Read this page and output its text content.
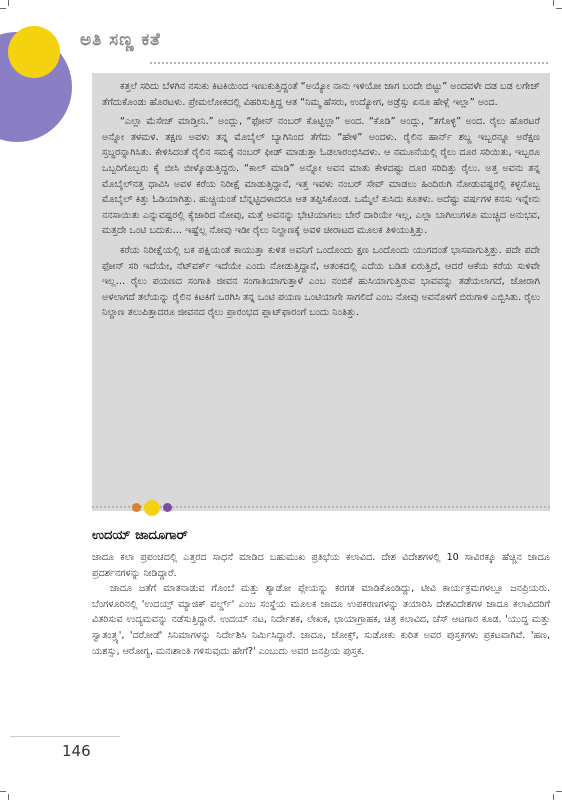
ಅತಿ ಸಣ್ಣ ಕತೆ

ಕತ್ತಲೆ ಸರಿದು ಬೆಳಗಿನ ನಸುಕು ಕಿಟಕಿಯಿಂದ ಇಣುಕುತ್ತಿದ್ದಂತೆ “ಅಯ್ಯೋ ನಾನು ಇಳಿಯೋ ಜಾಗ ಬಂದೇ ಬಿಟ್ಟು” ಅಂದವಳೇ ದಡ ಬಡ ಲಗೇಜ್ ತೆಗೆದುಕೊಂಡು ಹೊರಟಳು. ಪ್ರೇಮಲೋಕದಲ್ಲಿ ವಿಹರಿಸುತ್ತಿದ್ದ ಆತ “ನಿಮ್ಮ ಹೆಸರು, ಉದ್ಯೋಗ, ಅಡ್ರೆಸ್ಸು ಏನೂ ಹೇಳ್ಲೆ ಇಲ್ಲಾ” ಅಂದ.

“ಎಲ್ಲಾ ಮೆಸೇಜ್ ಮಾಡ್ತೀನಿ.” ಅಂದ್ಲು, “ಫೋನ್ ನಂಬರ್ ಕೊಟ್ಟಿಲ್ಲಾ” ಅಂದ. “ಕೊಡಿ” ಅಂದ್ಲು, “ತಗೊಳ್ಳಿ” ಅಂದ. ರೈಲು ಹೊರಟರೆ ಅನ್ನೋ ತಳಮಳ. ತಕ್ಷಣ ಅವಳು ತನ್ನ ಮೊಬೈಲ್ ಬ್ಯಾಗಿನಿಂದ ತೆಗೆದು “ಹೇಳಿ” ಅಂದಳು. ರೈಲಿನ ಹಾರ್ನ್ ಶಬ್ದ ಇಬ್ಬರನ್ನೂ ಅರೆಕ್ಷಣ ಸ್ತಬ್ಧರನ್ನಾಗಿಸಿತು. ಕೇಳಿಸಿದಂತೆ ರೈಲಿನ ಸಮಕ್ಕೆ ನಂಬರ್ ಫೀಡ್ ಮಾಡುತ್ತಾ ಓಡಲಾರಂಭಿಸಿದಳು. ಆ ನಮೂನೆಯಲ್ಲಿ ರೈಲು ದೂರ ಸರಿಯಿತು, ಇಬ್ಬರೂ ಒಬ್ಬರಿಗೊಬ್ಬರು ಕೈ ಬೀಸಿ ಬೀಳ್ಕೊಡುತ್ತಿದ್ದರು. “ಕಾಲ್ ಮಾಡಿ” ಅನ್ನೋ ಅವನ ಮಾತು ಕೇಳದಷ್ಟು ದೂರ ಸರಿದಿತ್ತು ರೈಲು. ಅತ್ತ ಅವನು ತನ್ನ ಮೊಬೈಲ್‌ನತ್ತ ಧಾವಿಸಿ ಅವಳ ಕರೆಯ ನಿರೀಕ್ಷೆ ಮಾಡುತ್ತಿದ್ದಾನೆ, ಇತ್ತ ಇವಳು ನಂಬರ್ ಸೇವ್ ಮಾಡಲು ಹಿಂದಿರುಗಿ ನೋಡುವಷ್ಟರಲ್ಲಿ ಕಳ್ಳನೊಬ್ಬ ಮೊಬೈಲ್ ಕಿತ್ತು ಓಡಿಯಾಗಿತ್ತು. ಹುಚ್ಚಿಯಂತೆ ಬೆನ್ನಟ್ಟಿದಳಾದರೂ ಆತ ತಪ್ಪಿಸಿಕೊಂಡ. ಒಮ್ಮೆಲೆ ಕುಸಿದು ಕೂತಳು. ಅದೆಷ್ಟು ವರ್ಷಗಳ ಕನಸು ಇನ್ನೇನು ನನಸಾಯಿತು ಎನ್ನುವಷ್ಟರಲ್ಲಿ ಕೈಜಾರಿದ ನೋವು, ಮತ್ತೆ ಅವನನ್ನು ಭೇಟಿಯಾಗಲು ಬೇರೆ ದಾರಿಯೇ ಇಲ್ಲ, ಎಲ್ಲಾ ಬಾಗಿಲುಗಳೂ ಮುಚ್ಚಿದ ಅನುಭವ, ಮತ್ತದೇ ಒಂಟಿ ಬದುಕು… ಇಷ್ಟೆಲ್ಲ ನೋವು ಇಡೀ ರೈಲು ನಿಲ್ದಾಣಕ್ಕೆ ಅವಳ ಚೀರಾಟದ ಮೂಲಕ ತಿಳಿಯುತ್ತಿತ್ತು.

ಕರೆಯ ನಿರೀಕ್ಷೆಯಲ್ಲಿ ಬಕ ಪಕ್ಷಿಯಂತೆ ಕಾಯುತ್ತಾ ಕುಳಿತ ಅವನಿಗೆ ಒಂದೊಂದು ಕ್ಷಣ ಒಂದೊಂದು ಯುಗದಂತೆ ಭಾಸವಾಗುತ್ತಿತ್ತು. ಪದೇ ಪದೇ ಫೋನ್ ಸರಿ ಇದೆಯೇ, ನೆಟ್‌ವರ್ಕ್ ಇದೆಯೇ ಎಂದು ನೋಡುತ್ತಿದ್ದಾನೆ, ಆತಂಕದಲ್ಲಿ ಎದೆಯ ಬಡಿತ ಏರುತ್ತಿದೆ, ಆದರೆ ಆಕೆಯ ಕರೆಯ ಸುಳಿವೇ ಇಲ್ಲ… ರೈಲು ಪಯಣದ ಸಂಗಾತಿ ಜೀವನ ಸಂಗಾತಿಯಾಗುತ್ತಾಳೆ ಎಂಬ ನಂಬಿಕೆ ಹುಸಿಯಾಗುತ್ತಿರುವ ಭಾವವನ್ನು ತಡೆಯಲಾಗದೆ, ಜೋರಾಗಿ ಅಳಲಾಗದೆ ತಲೆಯನ್ನು ರೈಲಿನ ಕಿಟಕಿಗೆ ಒರಗಿಸಿ ತನ್ನ ಒಂಟಿ ಪಯಣ ಒಂಟಿಯಾಗೇ ಸಾಗಲಿದೆ ಎಂಬ ನೋವು ಅವನೊಳಗೆ ಬಿರುಗಾಳಿ ಎಬ್ಬಿಸಿತು. ರೈಲು ನಿಲ್ದಾಣ ತಲುಪಿತ್ತಾದರೂ ಜೀವನದ ರೈಲು ಪ್ರಾರಂಭದ ಪ್ಲಾಟ್‌ಫಾರಂಗೆ ಬಂದು ನಿಂತಿತ್ತು.

ಉದಯ್ ಜಾದೂಗಾರ್

ಜಾದೂ ಕಲಾ ಪ್ರಪಂಚದಲ್ಲಿ ಎತ್ತರದ ಸಾಧನೆ ಮಾಡಿದ ಬಹುಮುಖ ಪ್ರತಿಭೆಯ ಕಲಾವಿದ. ದೇಶ ವಿದೇಶಗಳಲ್ಲಿ 10 ಸಾವಿರಕ್ಕೂ ಹೆಚ್ಚಿನ ಜಾದೂ ಪ್ರದರ್ಶನಗಳನ್ನು ನೀಡಿದ್ದಾರೆ.

ಜಾದೂ ಜತೆಗೆ ಮಾತನಾಡುವ ಗೊಂಬೆ ಮತ್ತು ಶ್ಯಾಡೋ ಪ್ಲೇಯನ್ನು ಕರಗತ ಮಾಡಿಕೊಂಡಿದ್ದು, ಟೀವಿ ಕಾರ್ಯಕ್ರಮಗಳಲ್ಲೂ ಜನಪ್ರಿಯರು. ಬೆಂಗಳೂರಿನಲ್ಲಿ 'ಉದಯ್ಸ್ ಮ್ಯಾಜಿಕ್ ವರ್ಲ್ಡ್' ಎಂಬ ಸಂಸ್ಥೆಯ ಮೂಲಕ ಜಾದೂ ಉಪಕರಣಗಳನ್ನು ತಯಾರಿಸಿ ದೇಶವಿದೇಶಗಳ ಜಾದೂ ಕಲಾವಿದರಿಗೆ ವಿತರಿಸುವ ಉದ್ಯಮವನ್ನು ನಡೆಸುತ್ತಿದ್ದಾರೆ. ಉದಯ್ ನಟ, ನಿರ್ದೇಶಕ, ಲೇಖಕ, ಛಾಯಾಗ್ರಾಹಕ, ಚಿತ್ರ ಕಲಾವಿದ, ಚೆಸ್ ಆಟಗಾರ ಕೂಡ. 'ಯುದ್ಧ ಮತ್ತು ಸ್ವಾತಂತ್ರ್ಯ', 'ದರೋಡೆ' ಸಿನಿಮಾಗಳನ್ನು ನಿರ್ದೇಶಿಸಿ ನಿರ್ಮಿಸಿದ್ದಾರೆ. ಜಾದೂ, ಜೋಕ್ಸ್, ಸುಡೋಕು ಕುರಿತ ಅವರ ಪುಸ್ತಕಗಳು ಪ್ರಕಟವಾಗಿವೆ. 'ಹಣ, ಯಶಸ್ಸು, ಆರೋಗ್ಯ, ಮನಃಶಾಂತಿ ಗಳಿಸುವುದು ಹೇಗೆ?' ಎಂಬುದು ಅವರ ಜನಪ್ರಿಯ ಪುಸ್ತಕ.

146
